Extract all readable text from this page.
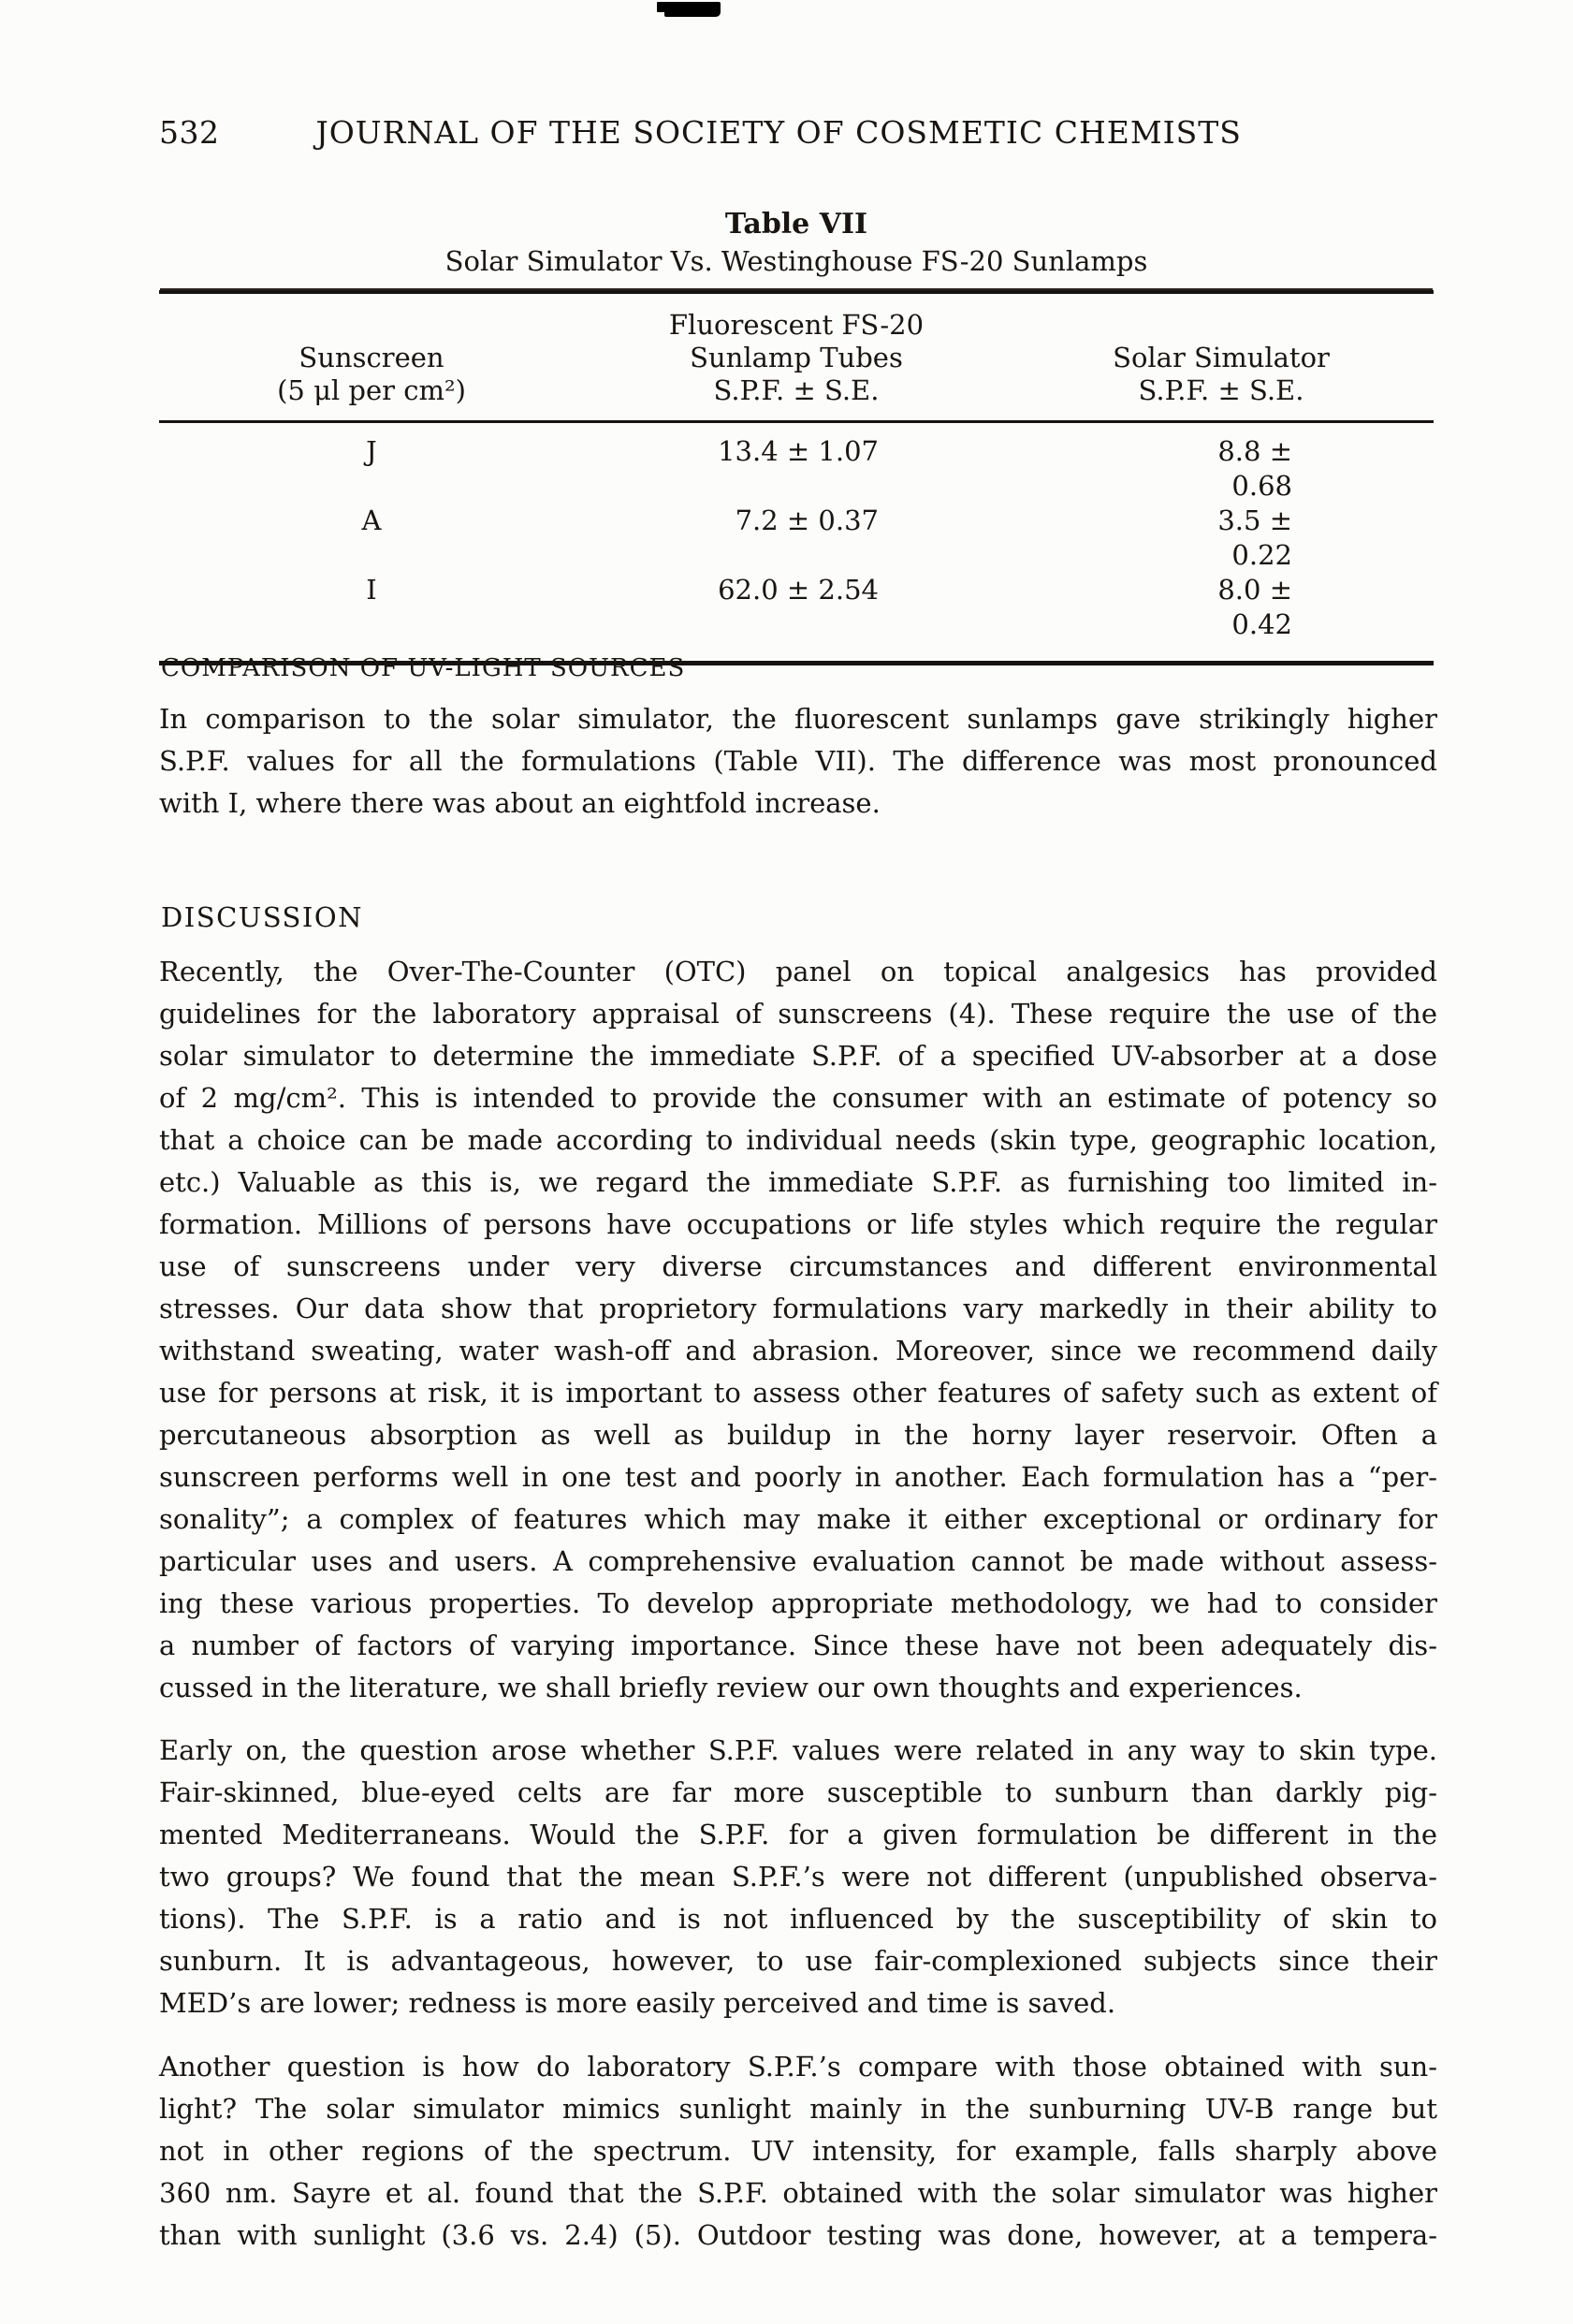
532	JOURNAL OF THE SOCIETY OF COSMETIC CHEMISTS
Table VII
Solar Simulator Vs. Westinghouse FS-20 Sunlamps
Sunscreen
(5 μl per cm²)
Fluorescent FS-20
Sunlamp Tubes
S.P.F. ± S.E.
Solar Simulator
S.P.F. ± S.E.
J	13.4 ± 1.07	8.8 ± 0.68
A	7.2 ± 0.37	3.5 ± 0.22
I	62.0 ± 2.54	8.0 ± 0.42
COMPARISON OF UV-LIGHT SOURCES
In comparison to the solar simulator, the fluorescent sunlamps gave strikingly higher
S.P.F. values for all the formulations (Table VII). The difference was most pronounced
with I, where there was about an eightfold increase.
DISCUSSION
Recently, the Over-The-Counter (OTC) panel on topical analgesics has provided
guidelines for the laboratory appraisal of sunscreens (4). These require the use of the
solar simulator to determine the immediate S.P.F. of a specified UV-absorber at a dose
of 2 mg/cm². This is intended to provide the consumer with an estimate of potency so
that a choice can be made according to individual needs (skin type, geographic location,
etc.) Valuable as this is, we regard the immediate S.P.F. as furnishing too limited in-
formation. Millions of persons have occupations or life styles which require the regular
use of sunscreens under very diverse circumstances and different environmental
stresses. Our data show that proprietory formulations vary markedly in their ability to
withstand sweating, water wash-off and abrasion. Moreover, since we recommend daily
use for persons at risk, it is important to assess other features of safety such as extent of
percutaneous absorption as well as buildup in the horny layer reservoir. Often a
sunscreen performs well in one test and poorly in another. Each formulation has a “per-
sonality”; a complex of features which may make it either exceptional or ordinary for
particular uses and users. A comprehensive evaluation cannot be made without assess-
ing these various properties. To develop appropriate methodology, we had to consider
a number of factors of varying importance. Since these have not been adequately dis-
cussed in the literature, we shall briefly review our own thoughts and experiences.
Early on, the question arose whether S.P.F. values were related in any way to skin type.
Fair-skinned, blue-eyed celts are far more susceptible to sunburn than darkly pig-
mented Mediterraneans. Would the S.P.F. for a given formulation be different in the
two groups? We found that the mean S.P.F.’s were not different (unpublished observa-
tions). The S.P.F. is a ratio and is not influenced by the susceptibility of skin to
sunburn. It is advantageous, however, to use fair-complexioned subjects since their
MED’s are lower; redness is more easily perceived and time is saved.
Another question is how do laboratory S.P.F.’s compare with those obtained with sun-
light? The solar simulator mimics sunlight mainly in the sunburning UV-B range but
not in other regions of the spectrum. UV intensity, for example, falls sharply above
360 nm. Sayre et al. found that the S.P.F. obtained with the solar simulator was higher
than with sunlight (3.6 vs. 2.4) (5). Outdoor testing was done, however, at a tempera-
